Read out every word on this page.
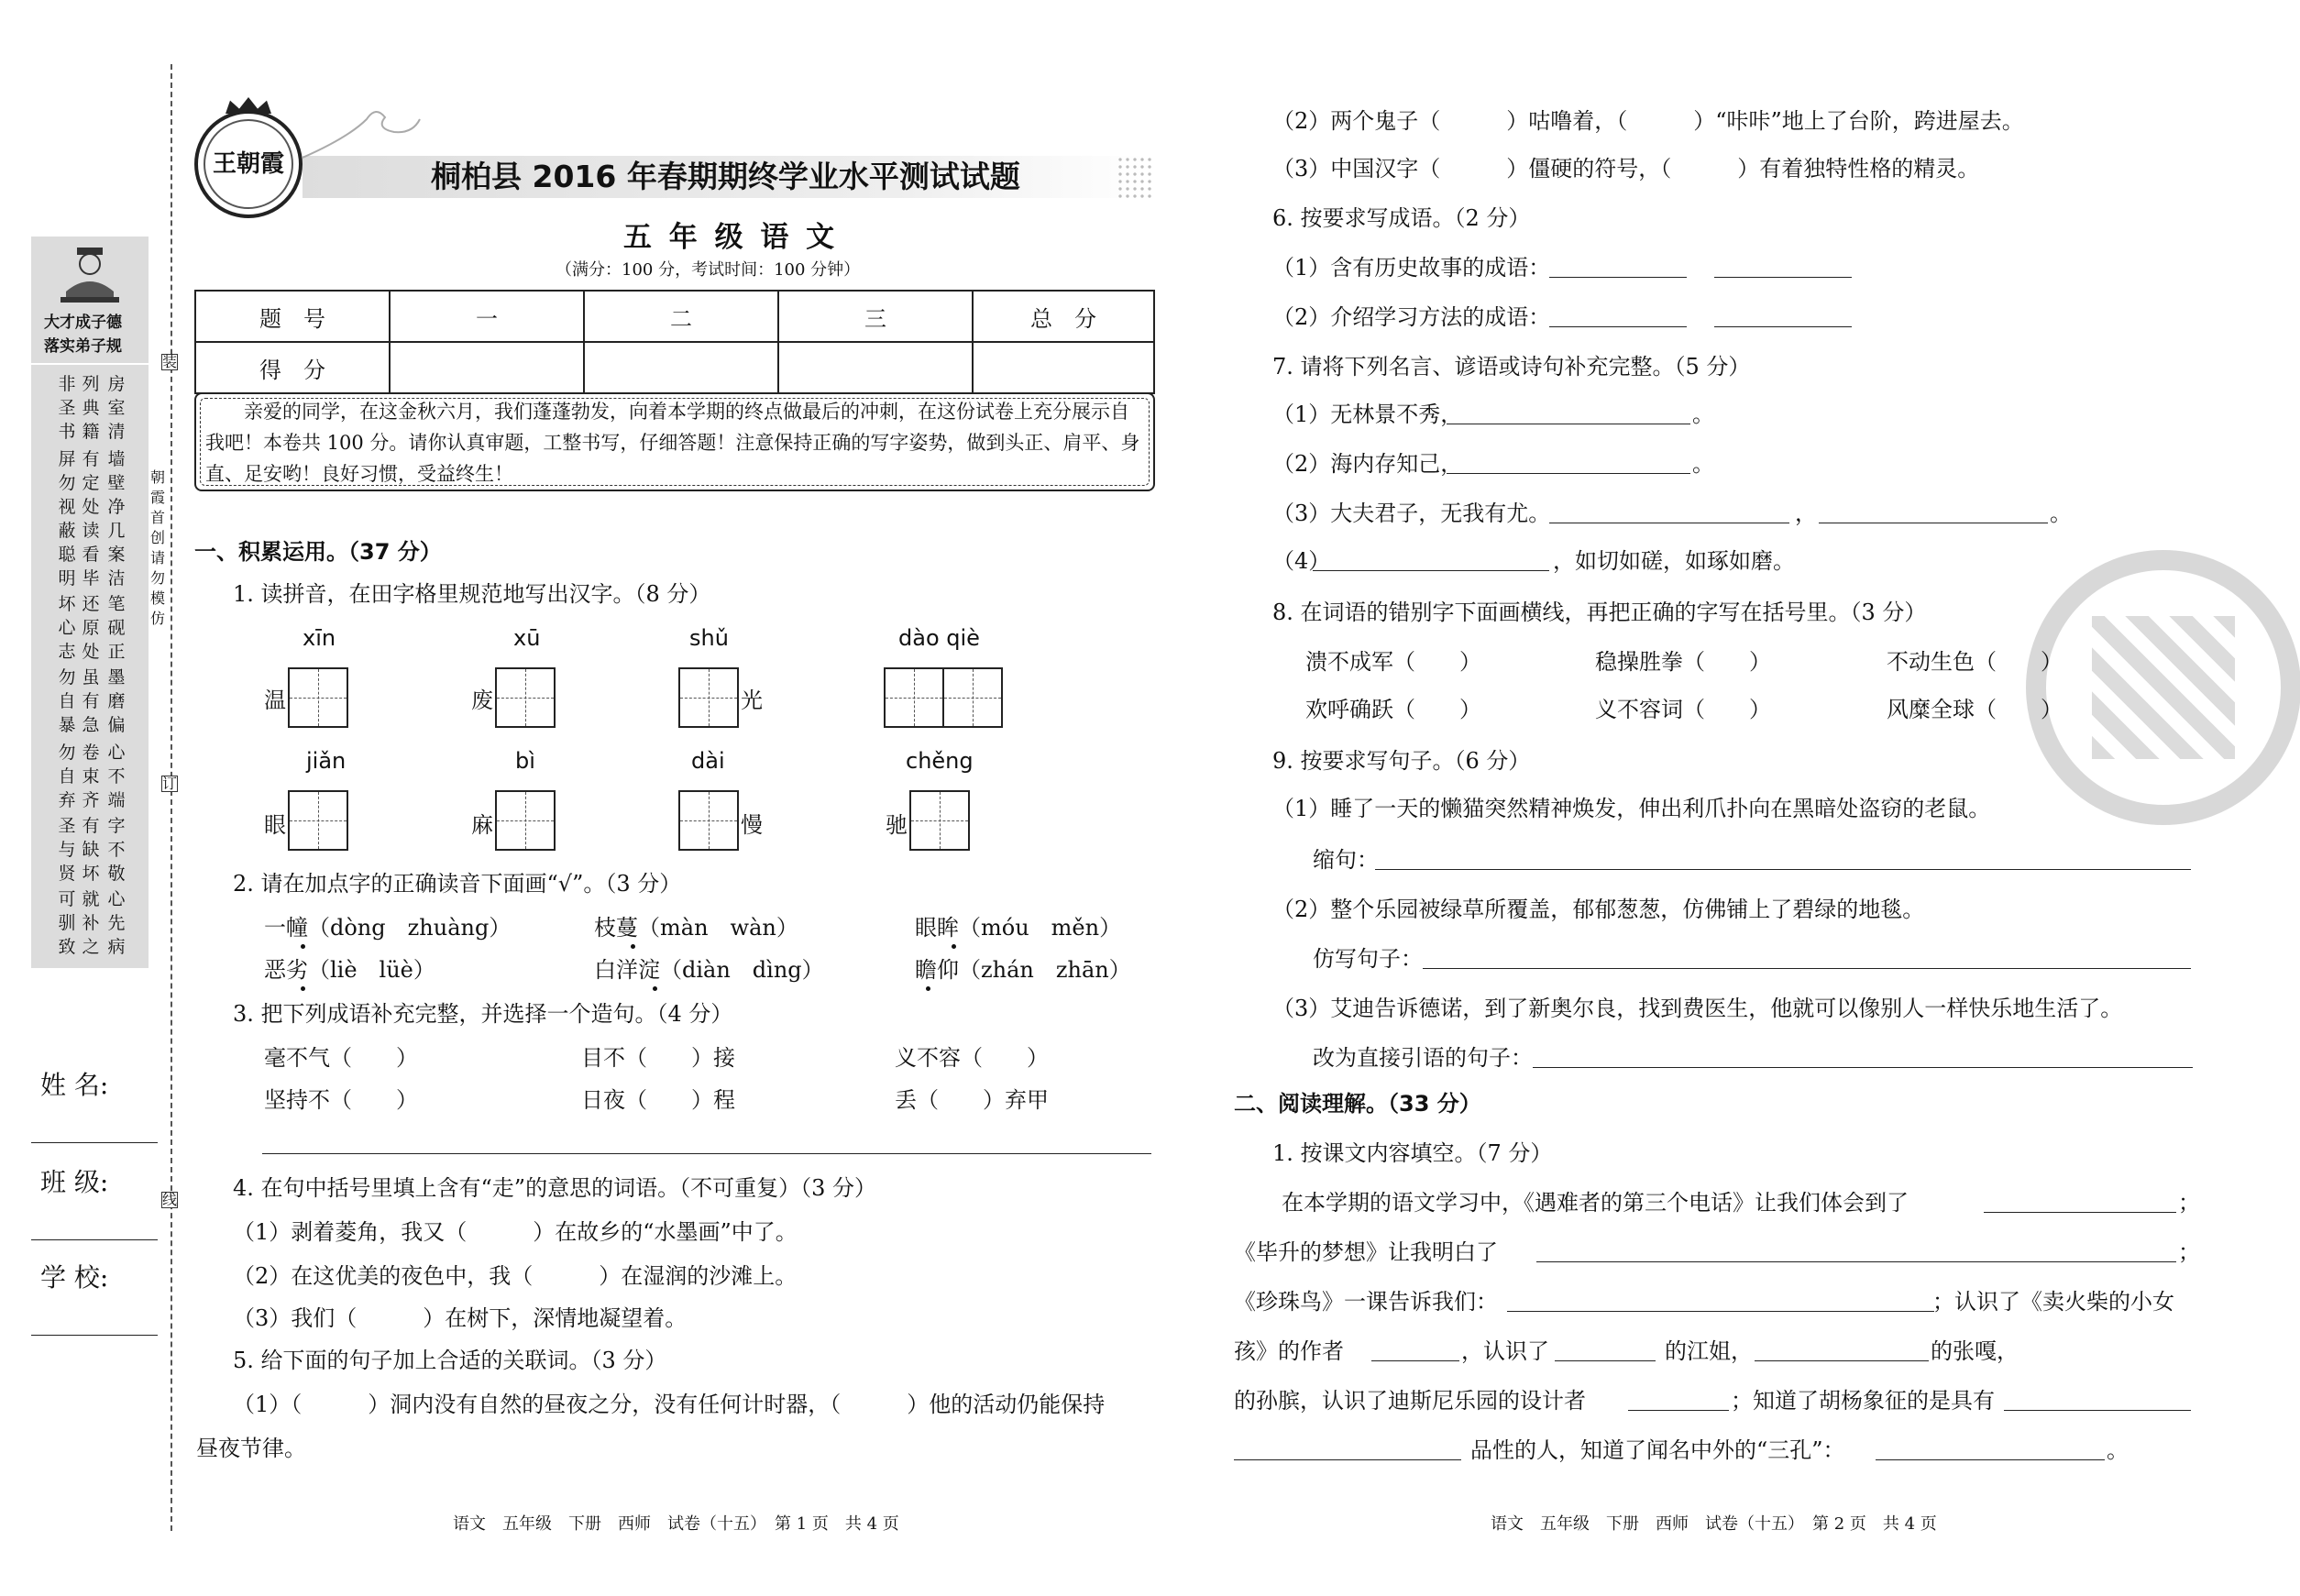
大才成子德
落实弟子规
非圣书
列典籍
房室清
屏勿视
有定处
墙壁净
蔽聪明
读看毕
几案洁
坏心志
还原处
笔砚正
勿自暴
虽有急
墨磨偏
勿自弃
卷束齐
心不端
圣与贤
有缺坏
字不敬
可驯致
就补之
心先病
朝霞首创　请勿模仿
装
订
线
姓 名:
班 级:
学 校:
王朝霞	桐柏县 2016 年春期期终学业水平测试试题
五 年 级 语 文
（满分：100 分，考试时间：100 分钟）
题　号	一	二	三	总　分
得　分				
亲爱的同学，在这金秋六月，我们蓬蓬勃发，向着本学期的终点做最后的冲刺，在这份试卷上充分展示自我吧！本卷共 100 分。请你认真审题，工整书写，仔细答题！注意保持正确的写字姿势，做到头正、肩平、身直、足安哟！良好习惯，受益终生！
一、积累运用。（37 分）
1. 读拼音，在田字格里规范地写出汉字。（8 分）
xīn
温
xū
废
shǔ
光
dào qiè
jiǎn
眼
bì
麻
dài
慢
chěng
驰
2. 请在加点字的正确读音下面画“√”。（3 分）
一幢（dòng　zhuàng）	枝蔓（màn　wàn）	眼眸（móu　měn）
恶劣（liè　lüè）	白洋淀（diàn　dìng）	瞻仰（zhán　zhān）
3. 把下列成语补充完整，并选择一个造句。（4 分）
毫不气（　　）	目不（　　）接	义不容（　　）
坚持不（　　）	日夜（　　）程	丢（　　）弃甲
4. 在句中括号里填上含有“走”的意思的词语。（不可重复）（3 分）
（1）剥着菱角，我又（　　　）在故乡的“水墨画”中了。
（2）在这优美的夜色中，我（　　　）在湿润的沙滩上。
（3）我们（　　　）在树下，深情地凝望着。
5. 给下面的句子加上合适的关联词。（3 分）
（1）（　　　）洞内没有自然的昼夜之分，没有任何计时器，（　　　）他的活动仍能保持
昼夜节律。
语文　五年级　下册　西师　试卷（十五）　第 1 页　共 4 页
（2）两个鬼子（　　　）咕噜着，（　　　）“咔咔”地上了台阶，跨进屋去。
（3）中国汉字（　　　）僵硬的符号，（　　　）有着独特性格的精灵。
6. 按要求写成语。（2 分）
（1）含有历史故事的成语：
（2）介绍学习方法的成语：
7. 请将下列名言、谚语或诗句补充完整。（5 分）
（1）无林景不秀，	。
（2）海内存知己，	。
（3）大夫君子，无我有尤。	，	。
（4）	，如切如磋，如琢如磨。
8. 在词语的错别字下面画横线，再把正确的字写在括号里。（3 分）
溃不成军（　　）	稳操胜拳（　　）	不动生色（　　）
欢呼确跃（　　）	义不容词（　　）	风糜全球（　　）
9. 按要求写句子。（6 分）
（1）睡了一天的懒猫突然精神焕发，伸出利爪扑向在黑暗处盗窃的老鼠。
缩句：
（2）整个乐园被绿草所覆盖，郁郁葱葱，仿佛铺上了碧绿的地毯。
仿写句子：
（3）艾迪告诉德诺，到了新奥尔良，找到费医生，他就可以像别人一样快乐地生活了。
改为直接引语的句子：
二、阅读理解。（33 分）
1. 按课文内容填空。（7 分）
在本学期的语文学习中，《遇难者的第三个电话》让我们体会到了	；
《毕升的梦想》让我明白了	；
《珍珠鸟》一课告诉我们：	；认识了《卖火柴的小女
孩》的作者	，认识了	的江姐，	的张嘎，
的孙膑，认识了迪斯尼乐园的设计者	；知道了胡杨象征的是具有
品性的人，知道了闻名中外的“三孔”：	。
语文　五年级　下册　西师　试卷（十五）　第 2 页　共 4 页
